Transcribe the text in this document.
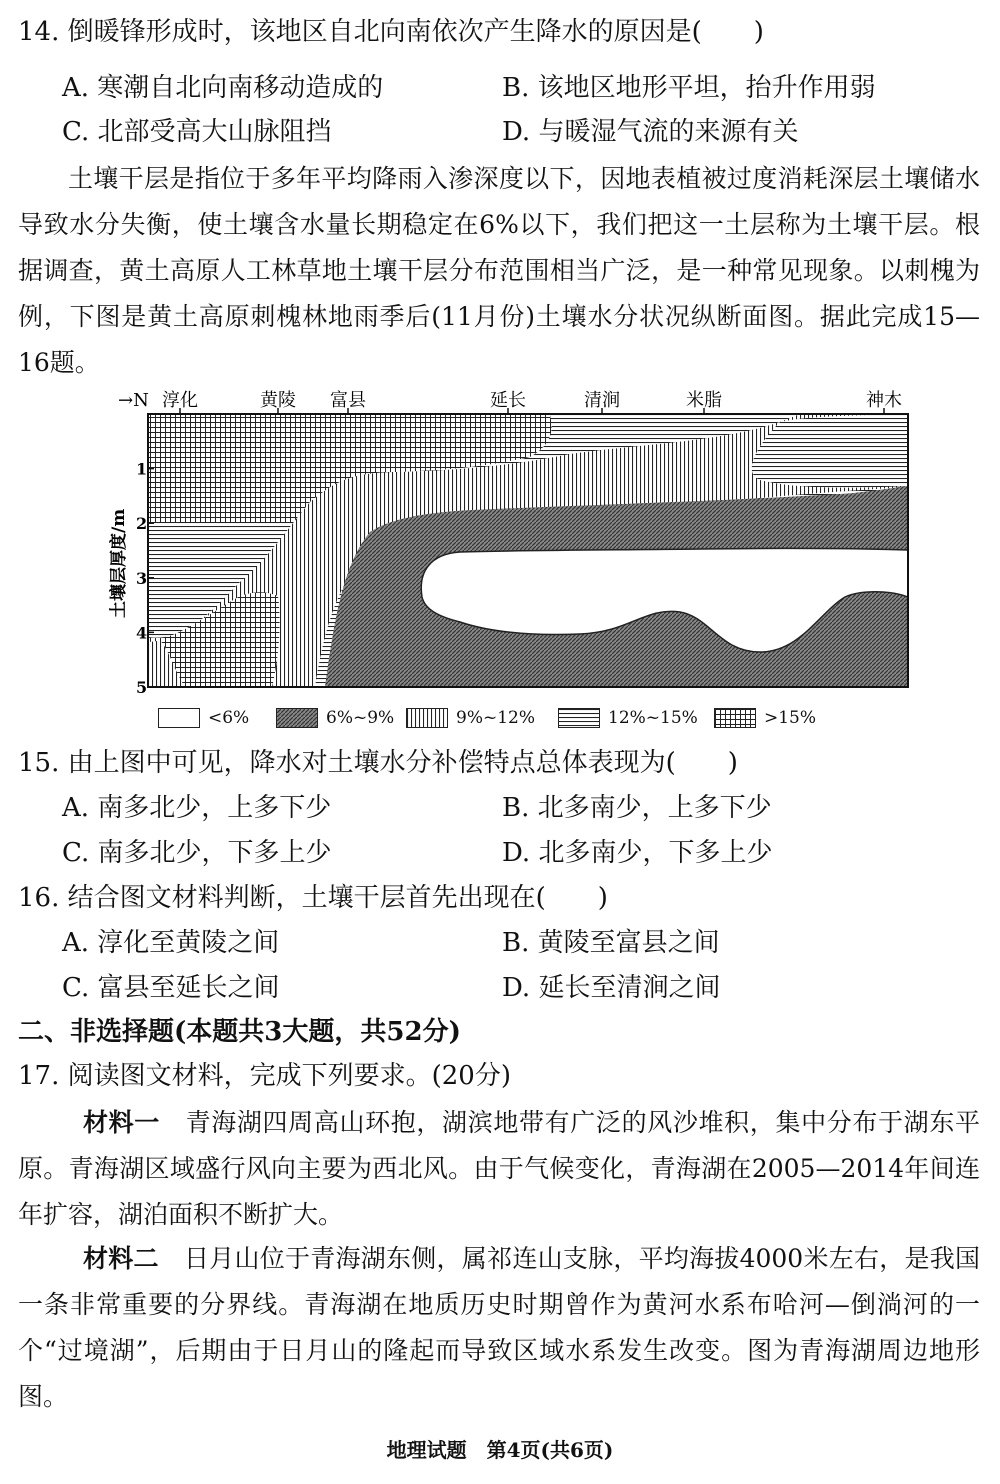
14. 倒暖锋形成时，该地区自北向南依次产生降水的原因是(　　)
A. 寒潮自北向南移动造成的	B. 该地区地形平坦，抬升作用弱
C. 北部受高大山脉阻挡	D. 与暖湿气流的来源有关
土壤干层是指位于多年平均降雨入渗深度以下，因地表植被过度消耗深层土壤储水导致水分失衡，使土壤含水量长期稳定在6%以下，我们把这一土层称为土壤干层。根据调查，黄土高原人工林草地土壤干层分布范围相当广泛，是一种常见现象。以刺槐为例，下图是黄土高原刺槐林地雨季后(11月份)土壤水分状况纵断面图。据此完成15—16题。
→N 淳化	黄陵 富县	延长	清涧	米脂	神木
1
2
3
4
5
土壤层厚度/m
<6%	6%~9%	9%~12%	12%~15%	>15%
15. 由上图中可见，降水对土壤水分补偿特点总体表现为(　　)
A. 南多北少，上多下少	B. 北多南少，上多下少
C. 南多北少，下多上少	D. 北多南少，下多上少
16. 结合图文材料判断，土壤干层首先出现在(　　)
A. 淳化至黄陵之间	B. 黄陵至富县之间
C. 富县至延长之间	D. 延长至清涧之间
二、非选择题(本题共3大题，共52分)
17. 阅读图文材料，完成下列要求。(20分)
材料一　 青海湖四周高山环抱，湖滨地带有广泛的风沙堆积，集中分布于湖东平原。青海湖区域盛行风向主要为西北风。由于气候变化，青海湖在2005—2014年间连年扩容，湖泊面积不断扩大。
材料二　 日月山位于青海湖东侧，属祁连山支脉，平均海拔4000米左右，是我国一条非常重要的分界线。青海湖在地质历史时期曾作为黄河水系布哈河—倒淌河的一个“过境湖”，后期由于日月山的隆起而导致区域水系发生改变。图为青海湖周边地形图。
地理试题　第4页(共6页)
